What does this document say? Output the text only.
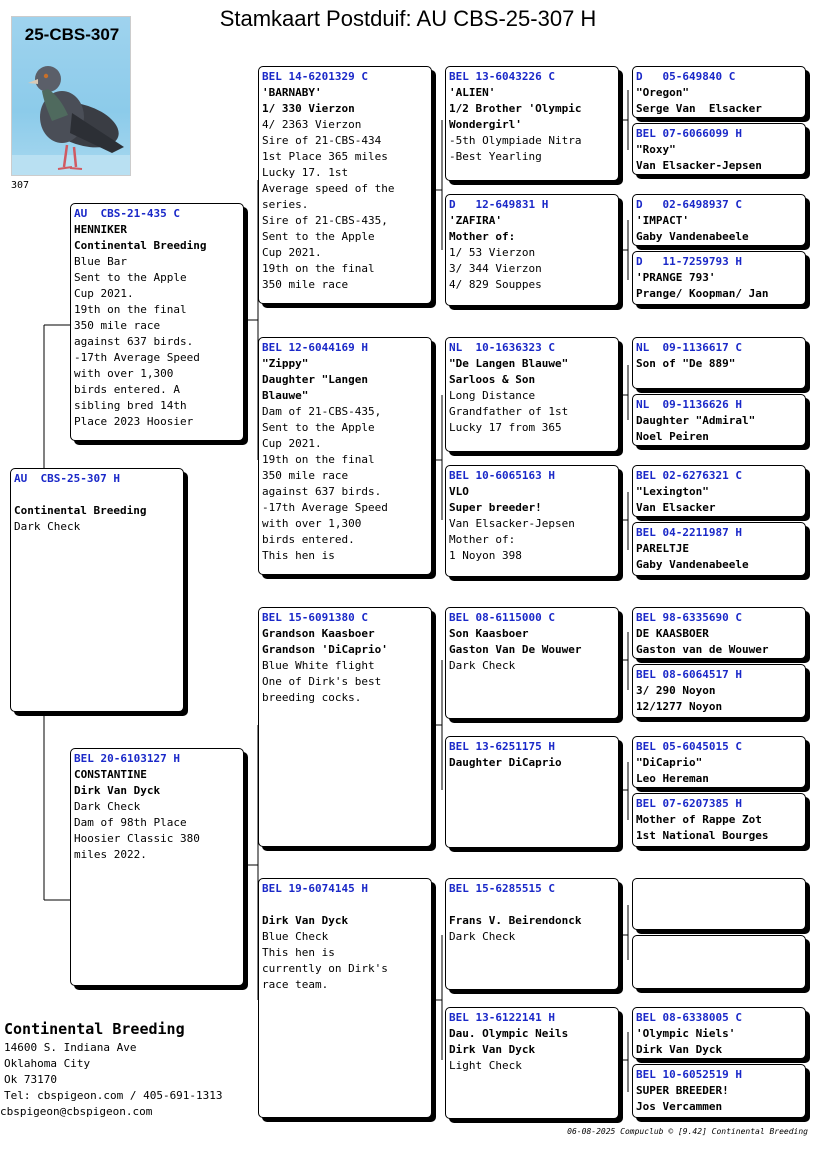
Stamkaart Postduif: AU CBS-25-307 H
25-CBS-307
307
AU  CBS-25-307 H

Continental Breeding
Dark Check
AU  CBS-21-435 C
HENNIKER
Continental Breeding
Blue Bar
Sent to the Apple
Cup 2021.
19th on the final
350 mile race
against 637 birds.
-17th Average Speed
with over 1,300
birds entered. A
sibling bred 14th
Place 2023 Hoosier
BEL 20-6103127 H
CONSTANTINE
Dirk Van Dyck
Dark Check
Dam of 98th Place
Hoosier Classic 380
miles 2022.
BEL 14-6201329 C
'BARNABY'
1/ 330 Vierzon
4/ 2363 Vierzon
Sire of 21-CBS-434
1st Place 365 miles
Lucky 17. 1st
Average speed of the
series.
Sire of 21-CBS-435,
Sent to the Apple
Cup 2021.
19th on the final
350 mile race
BEL 12-6044169 H
"Zippy"
Daughter "Langen
Blauwe"
Dam of 21-CBS-435,
Sent to the Apple
Cup 2021.
19th on the final
350 mile race
against 637 birds.
-17th Average Speed
with over 1,300
birds entered.
This hen is
BEL 15-6091380 C
Grandson Kaasboer
Grandson 'DiCaprio'
Blue White flight
One of Dirk's best
breeding cocks.
BEL 19-6074145 H

Dirk Van Dyck
Blue Check
This hen is
currently on Dirk's
race team.
BEL 13-6043226 C
'ALIEN'
1/2 Brother 'Olympic
Wondergirl'
-5th Olympiade Nitra
-Best Yearling
D   12-649831 H
'ZAFIRA'
Mother of:
1/ 53 Vierzon
3/ 344 Vierzon
4/ 829 Souppes
NL  10-1636323 C
"De Langen Blauwe"
Sarloos & Son
Long Distance
Grandfather of 1st
Lucky 17 from 365
BEL 10-6065163 H
VLO
Super breeder!
Van Elsacker-Jepsen
Mother of:
1 Noyon 398
BEL 08-6115000 C
Son Kaasboer
Gaston Van De Wouwer
Dark Check
BEL 13-6251175 H
Daughter DiCaprio
BEL 15-6285515 C

Frans V. Beirendonck
Dark Check
BEL 13-6122141 H
Dau. Olympic Neils
Dirk Van Dyck
Light Check
D   05-649840 C
"Oregon"
Serge Van  Elsacker
BEL 07-6066099 H
"Roxy"
Van Elsacker-Jepsen
D   02-6498937 C
'IMPACT'
Gaby Vandenabeele
D   11-7259793 H
'PRANGE 793'
Prange/ Koopman/ Jan
NL  09-1136617 C
Son of "De 889"
NL  09-1136626 H
Daughter "Admiral"
Noel Peiren
BEL 02-6276321 C
"Lexington"
Van Elsacker
BEL 04-2211987 H
PARELTJE
Gaby Vandenabeele
BEL 98-6335690 C
DE KAASBOER
Gaston van de Wouwer
BEL 08-6064517 H
3/ 290 Noyon
12/1277 Noyon
BEL 05-6045015 C
"DiCaprio"
Leo Hereman
BEL 07-6207385 H
Mother of Rappe Zot
1st National Bourges
BEL 08-6338005 C
'Olympic Niels'
Dirk Van Dyck
BEL 10-6052519 H
SUPER BREEDER!
Jos Vercammen
Continental Breeding
14600 S. Indiana Ave
Oklahoma City
Ok 73170
Tel: cbspigeon.com / 405-691-1313
cbspigeon@cbspigeon.com
06-08-2025 Compuclub © [9.42] Continental Breeding
